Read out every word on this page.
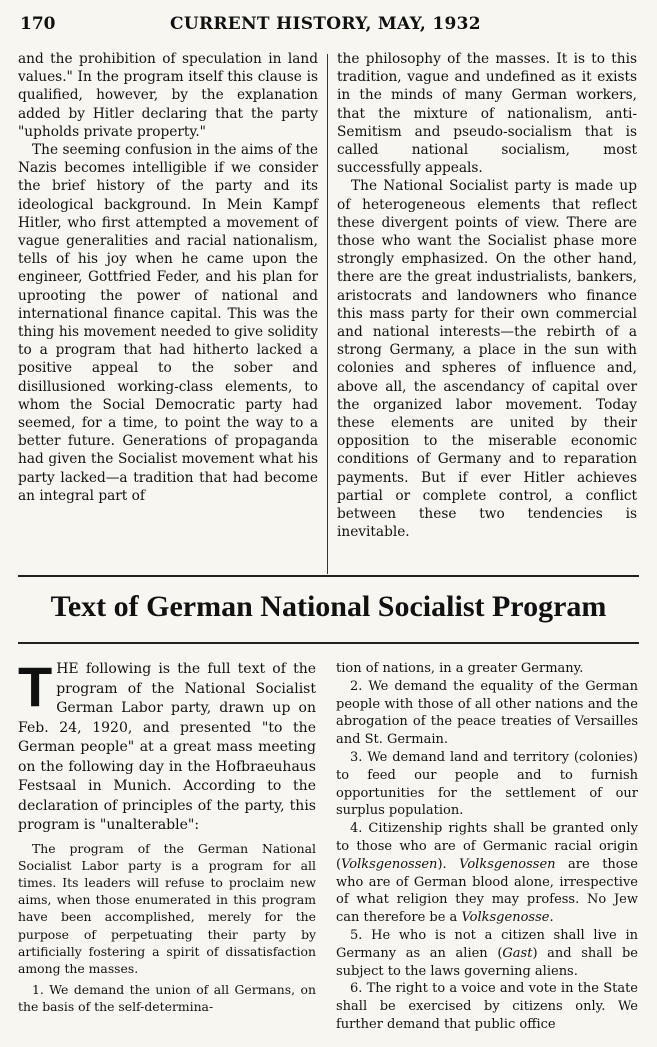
170	CURRENT HISTORY, MAY, 1932

and the prohibition of speculation in land values." In the program itself this clause is qualified, however, by the explanation added by Hitler declaring that the party "upholds private property."

The seeming confusion in the aims of the Nazis becomes intelligible if we consider the brief history of the party and its ideological background. In Mein Kampf Hitler, who first attempted a movement of vague generalities and racial nationalism, tells of his joy when he came upon the engineer, Gottfried Feder, and his plan for uprooting the power of national and international finance capital. This was the thing his movement needed to give solidity to a program that had hitherto lacked a positive appeal to the sober and disillusioned working-class elements, to whom the Social Democratic party had seemed, for a time, to point the way to a better future. Generations of propaganda had given the Socialist movement what his party lacked—a tradition that had become an integral part of

the philosophy of the masses. It is to this tradition, vague and undefined as it exists in the minds of many German workers, that the mixture of nationalism, anti-Semitism and pseudo-socialism that is called national socialism, most successfully appeals.

The National Socialist party is made up of heterogeneous elements that reflect these divergent points of view. There are those who want the Socialist phase more strongly emphasized. On the other hand, there are the great industrialists, bankers, aristocrats and landowners who finance this mass party for their own commercial and national interests—the rebirth of a strong Germany, a place in the sun with colonies and spheres of influence and, above all, the ascendancy of capital over the organized labor movement. Today these elements are united by their opposition to the miserable economic conditions of Germany and to reparation payments. But if ever Hitler achieves partial or complete control, a conflict between these two tendencies is inevitable.

Text of German National Socialist Program

THE following is the full text of the program of the National Socialist German Labor party, drawn up on Feb. 24, 1920, and presented "to the German people" at a great mass meeting on the following day in the Hofbraeuhaus Festsaal in Munich. According to the declaration of principles of the party, this program is "unalterable":

The program of the German National Socialist Labor party is a program for all times. Its leaders will refuse to proclaim new aims, when those enumerated in this program have been accomplished, merely for the purpose of perpetuating their party by artificially fostering a spirit of dissatisfaction among the masses.

1. We demand the union of all Germans, on the basis of the self-determina-

tion of nations, in a greater Germany.

2. We demand the equality of the German people with those of all other nations and the abrogation of the peace treaties of Versailles and St. Germain.

3. We demand land and territory (colonies) to feed our people and to furnish opportunities for the settlement of our surplus population.

4. Citizenship rights shall be granted only to those who are of Germanic racial origin (Volksgenossen). Volksgenossen are those who are of German blood alone, irrespective of what religion they may profess. No Jew can therefore be a Volksgenosse.

5. He who is not a citizen shall live in Germany as an alien (Gast) and shall be subject to the laws governing aliens.

6. The right to a voice and vote in the State shall be exercised by citizens only. We further demand that public office
